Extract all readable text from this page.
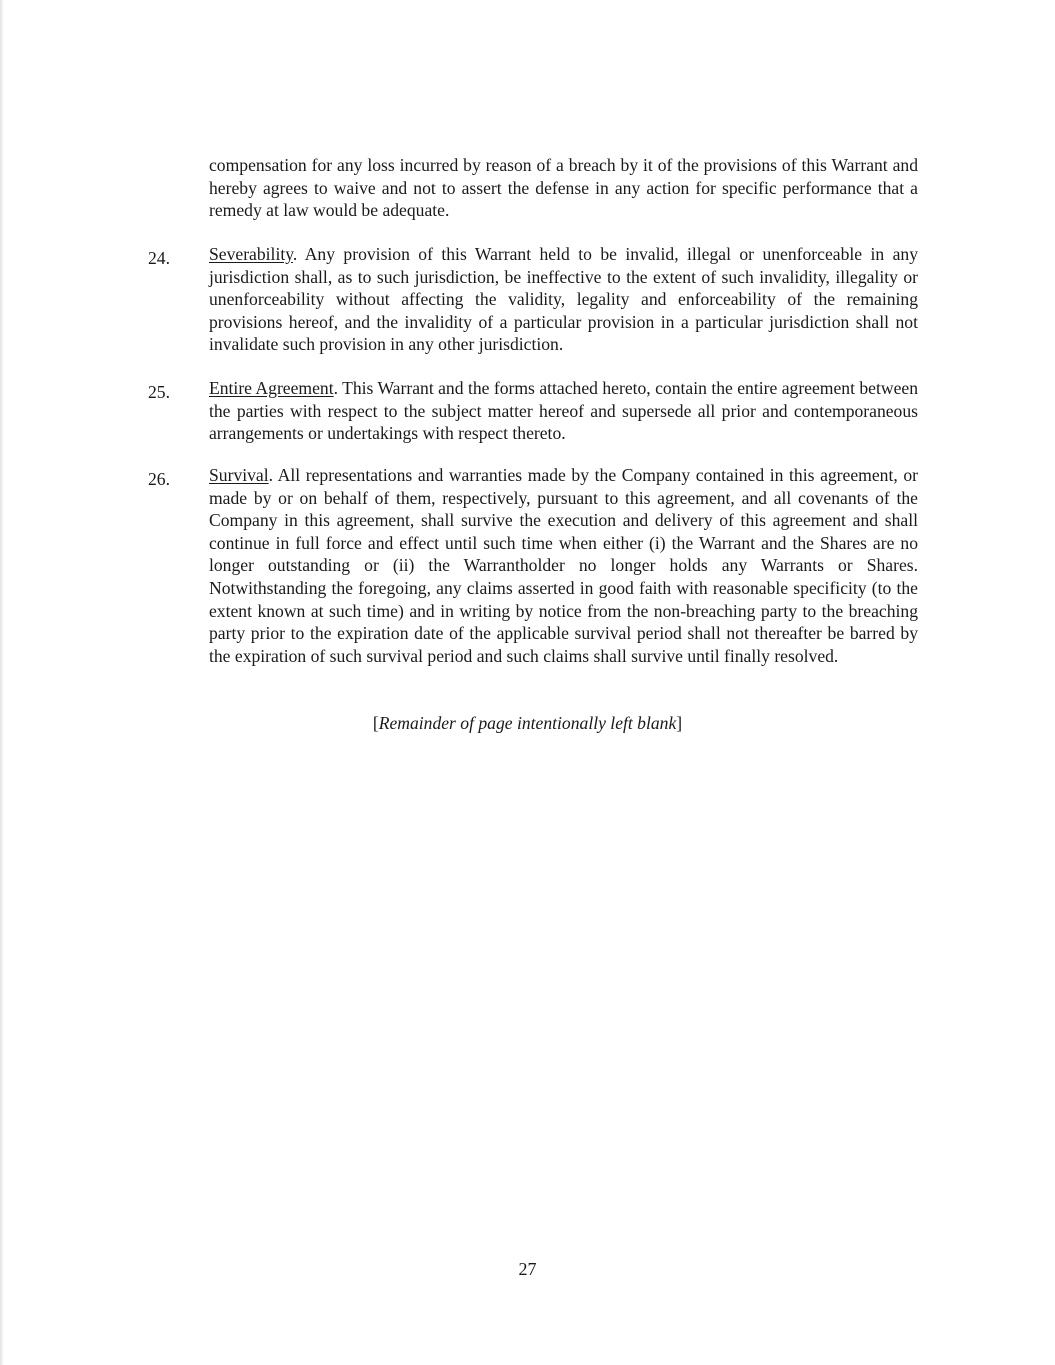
compensation for any loss incurred by reason of a breach by it of the provisions of this Warrant and hereby agrees to waive and not to assert the defense in any action for specific performance that a remedy at law would be adequate.

24.	Severability. Any provision of this Warrant held to be invalid, illegal or unenforceable in any jurisdiction shall, as to such jurisdiction, be ineffective to the extent of such invalidity, illegality or unenforceability without affecting the validity, legality and enforceability of the remaining provisions hereof, and the invalidity of a particular provision in a particular jurisdiction shall not invalidate such provision in any other jurisdiction.

25.	Entire Agreement. This Warrant and the forms attached hereto, contain the entire agreement between the parties with respect to the subject matter hereof and supersede all prior and contemporaneous arrangements or undertakings with respect thereto.

26.	Survival. All representations and warranties made by the Company contained in this agreement, or made by or on behalf of them, respectively, pursuant to this agreement, and all covenants of the Company in this agreement, shall survive the execution and delivery of this agreement and shall continue in full force and effect until such time when either (i) the Warrant and the Shares are no longer outstanding or (ii) the Warrantholder no longer holds any Warrants or Shares. Notwithstanding the foregoing, any claims asserted in good faith with reasonable specificity (to the extent known at such time) and in writing by notice from the non-breaching party to the breaching party prior to the expiration date of the applicable survival period shall not thereafter be barred by the expiration of such survival period and such claims shall survive until finally resolved.

[Remainder of page intentionally left blank]
27
